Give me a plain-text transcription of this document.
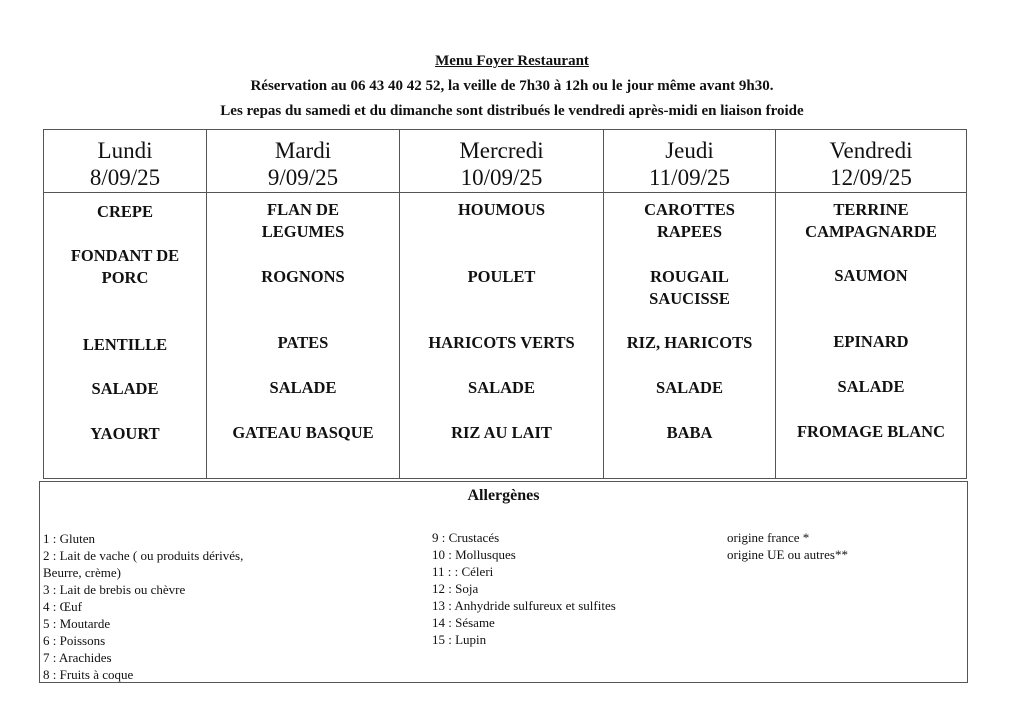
Menu Foyer Restaurant
Réservation au 06 43 40 42 52, la veille de 7h30 à 12h ou le jour même avant 9h30.
Les repas du samedi et du dimanche sont distribués le vendredi après-midi en liaison froide
Lundi
8/09/25
CREPE
FONDANT DE PORC
LENTILLE
SALADE
YAOURT
Mardi
9/09/25
FLAN DE LEGUMES
ROGNONS
PATES
SALADE
GATEAU BASQUE
Mercredi
10/09/25
HOUMOUS
POULET
HARICOTS VERTS
SALADE
RIZ AU LAIT
Jeudi
11/09/25
CAROTTES RAPEES
ROUGAIL SAUCISSE
RIZ, HARICOTS
SALADE
BABA
Vendredi
12/09/25
TERRINE CAMPAGNARDE
SAUMON
EPINARD
SALADE
FROMAGE BLANC
Allergènes
1 : Gluten
2 : Lait de vache ( ou produits dérivés,
Beurre, crème)
3 : Lait de brebis ou chèvre
4 : Œuf
5 : Moutarde
6 : Poissons
7 : Arachides
8 : Fruits à coque
9 : Crustacés
10 : Mollusques
11 : : Céleri
12 : Soja
13 : Anhydride sulfureux et sulfites
14 : Sésame
15 : Lupin
origine france *
origine UE ou autres**
